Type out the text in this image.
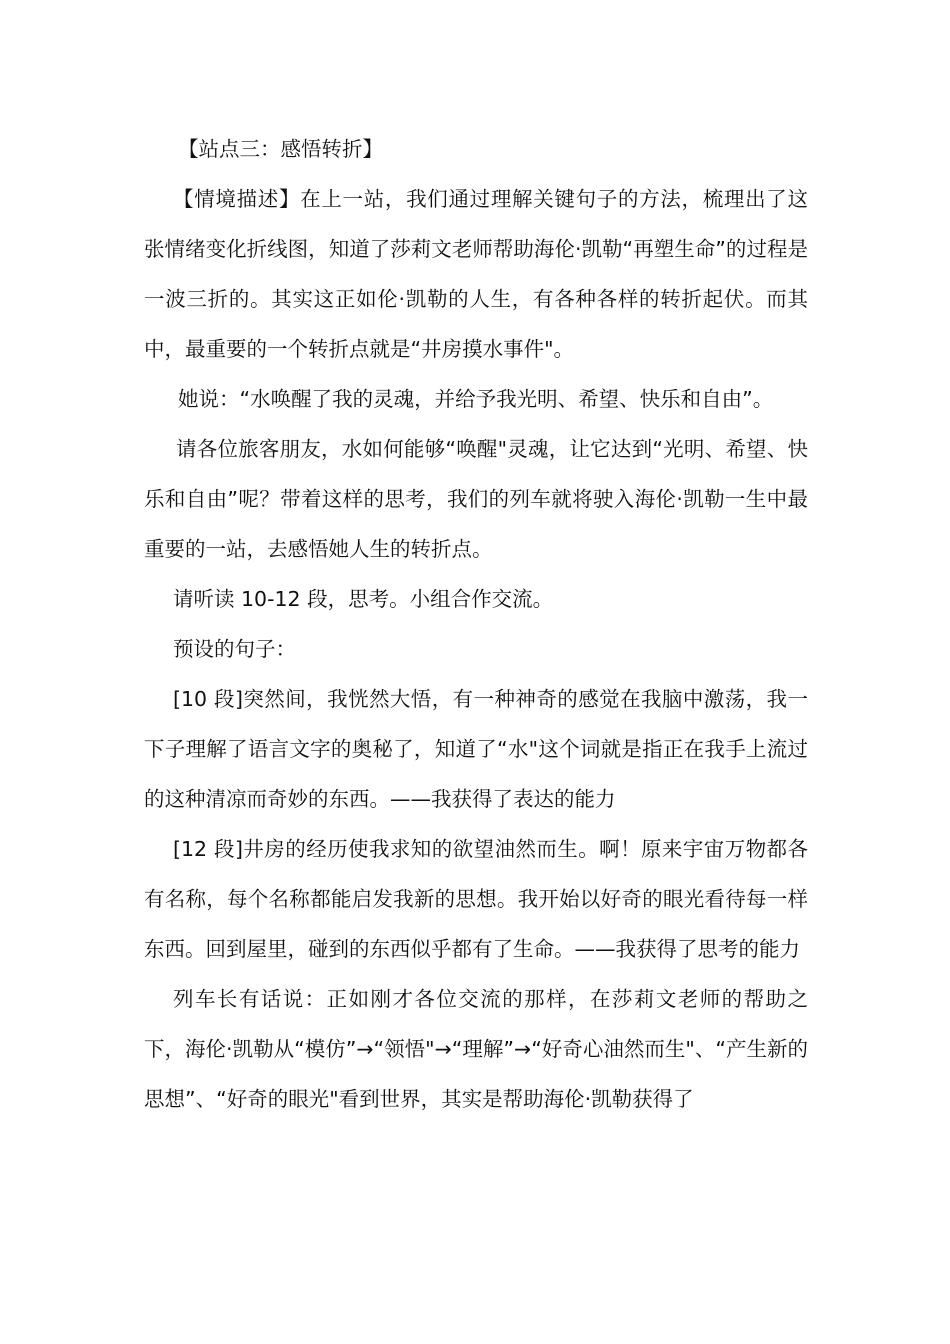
【站点三：感悟转折】

【情境描述】在上一站，我们通过理解关键句子的方法，梳理出了这张情绪变化折线图，知道了莎莉文老师帮助海伦·凯勒“再塑生命”的过程是一波三折的。其实这正如伦·凯勒的人生，有各种各样的转折起伏。而其中，最重要的一个转折点就是“井房摸水事件"。

她说：“水唤醒了我的灵魂，并给予我光明、希望、快乐和自由”。

请各位旅客朋友，水如何能够“唤醒"灵魂，让它达到“光明、希望、快乐和自由”呢？带着这样的思考，我们的列车就将驶入海伦·凯勒一生中最重要的一站，去感悟她人生的转折点。

请听读 10-12 段，思考。小组合作交流。

预设的句子：

[10 段]突然间，我恍然大悟，有一种神奇的感觉在我脑中激荡，我一下子理解了语言文字的奥秘了，知道了“水"这个词就是指正在我手上流过的这种清凉而奇妙的东西。——我获得了表达的能力

[12 段]井房的经历使我求知的欲望油然而生。啊！原来宇宙万物都各有名称，每个名称都能启发我新的思想。我开始以好奇的眼光看待每一样东西。回到屋里，碰到的东西似乎都有了生命。——我获得了思考的能力

列车长有话说：正如刚才各位交流的那样，在莎莉文老师的帮助之下，海伦·凯勒从“模仿”→“领悟"→“理解”→“好奇心油然而生"、“产生新的思想”、“好奇的眼光"看到世界，其实是帮助海伦·凯勒获得了
